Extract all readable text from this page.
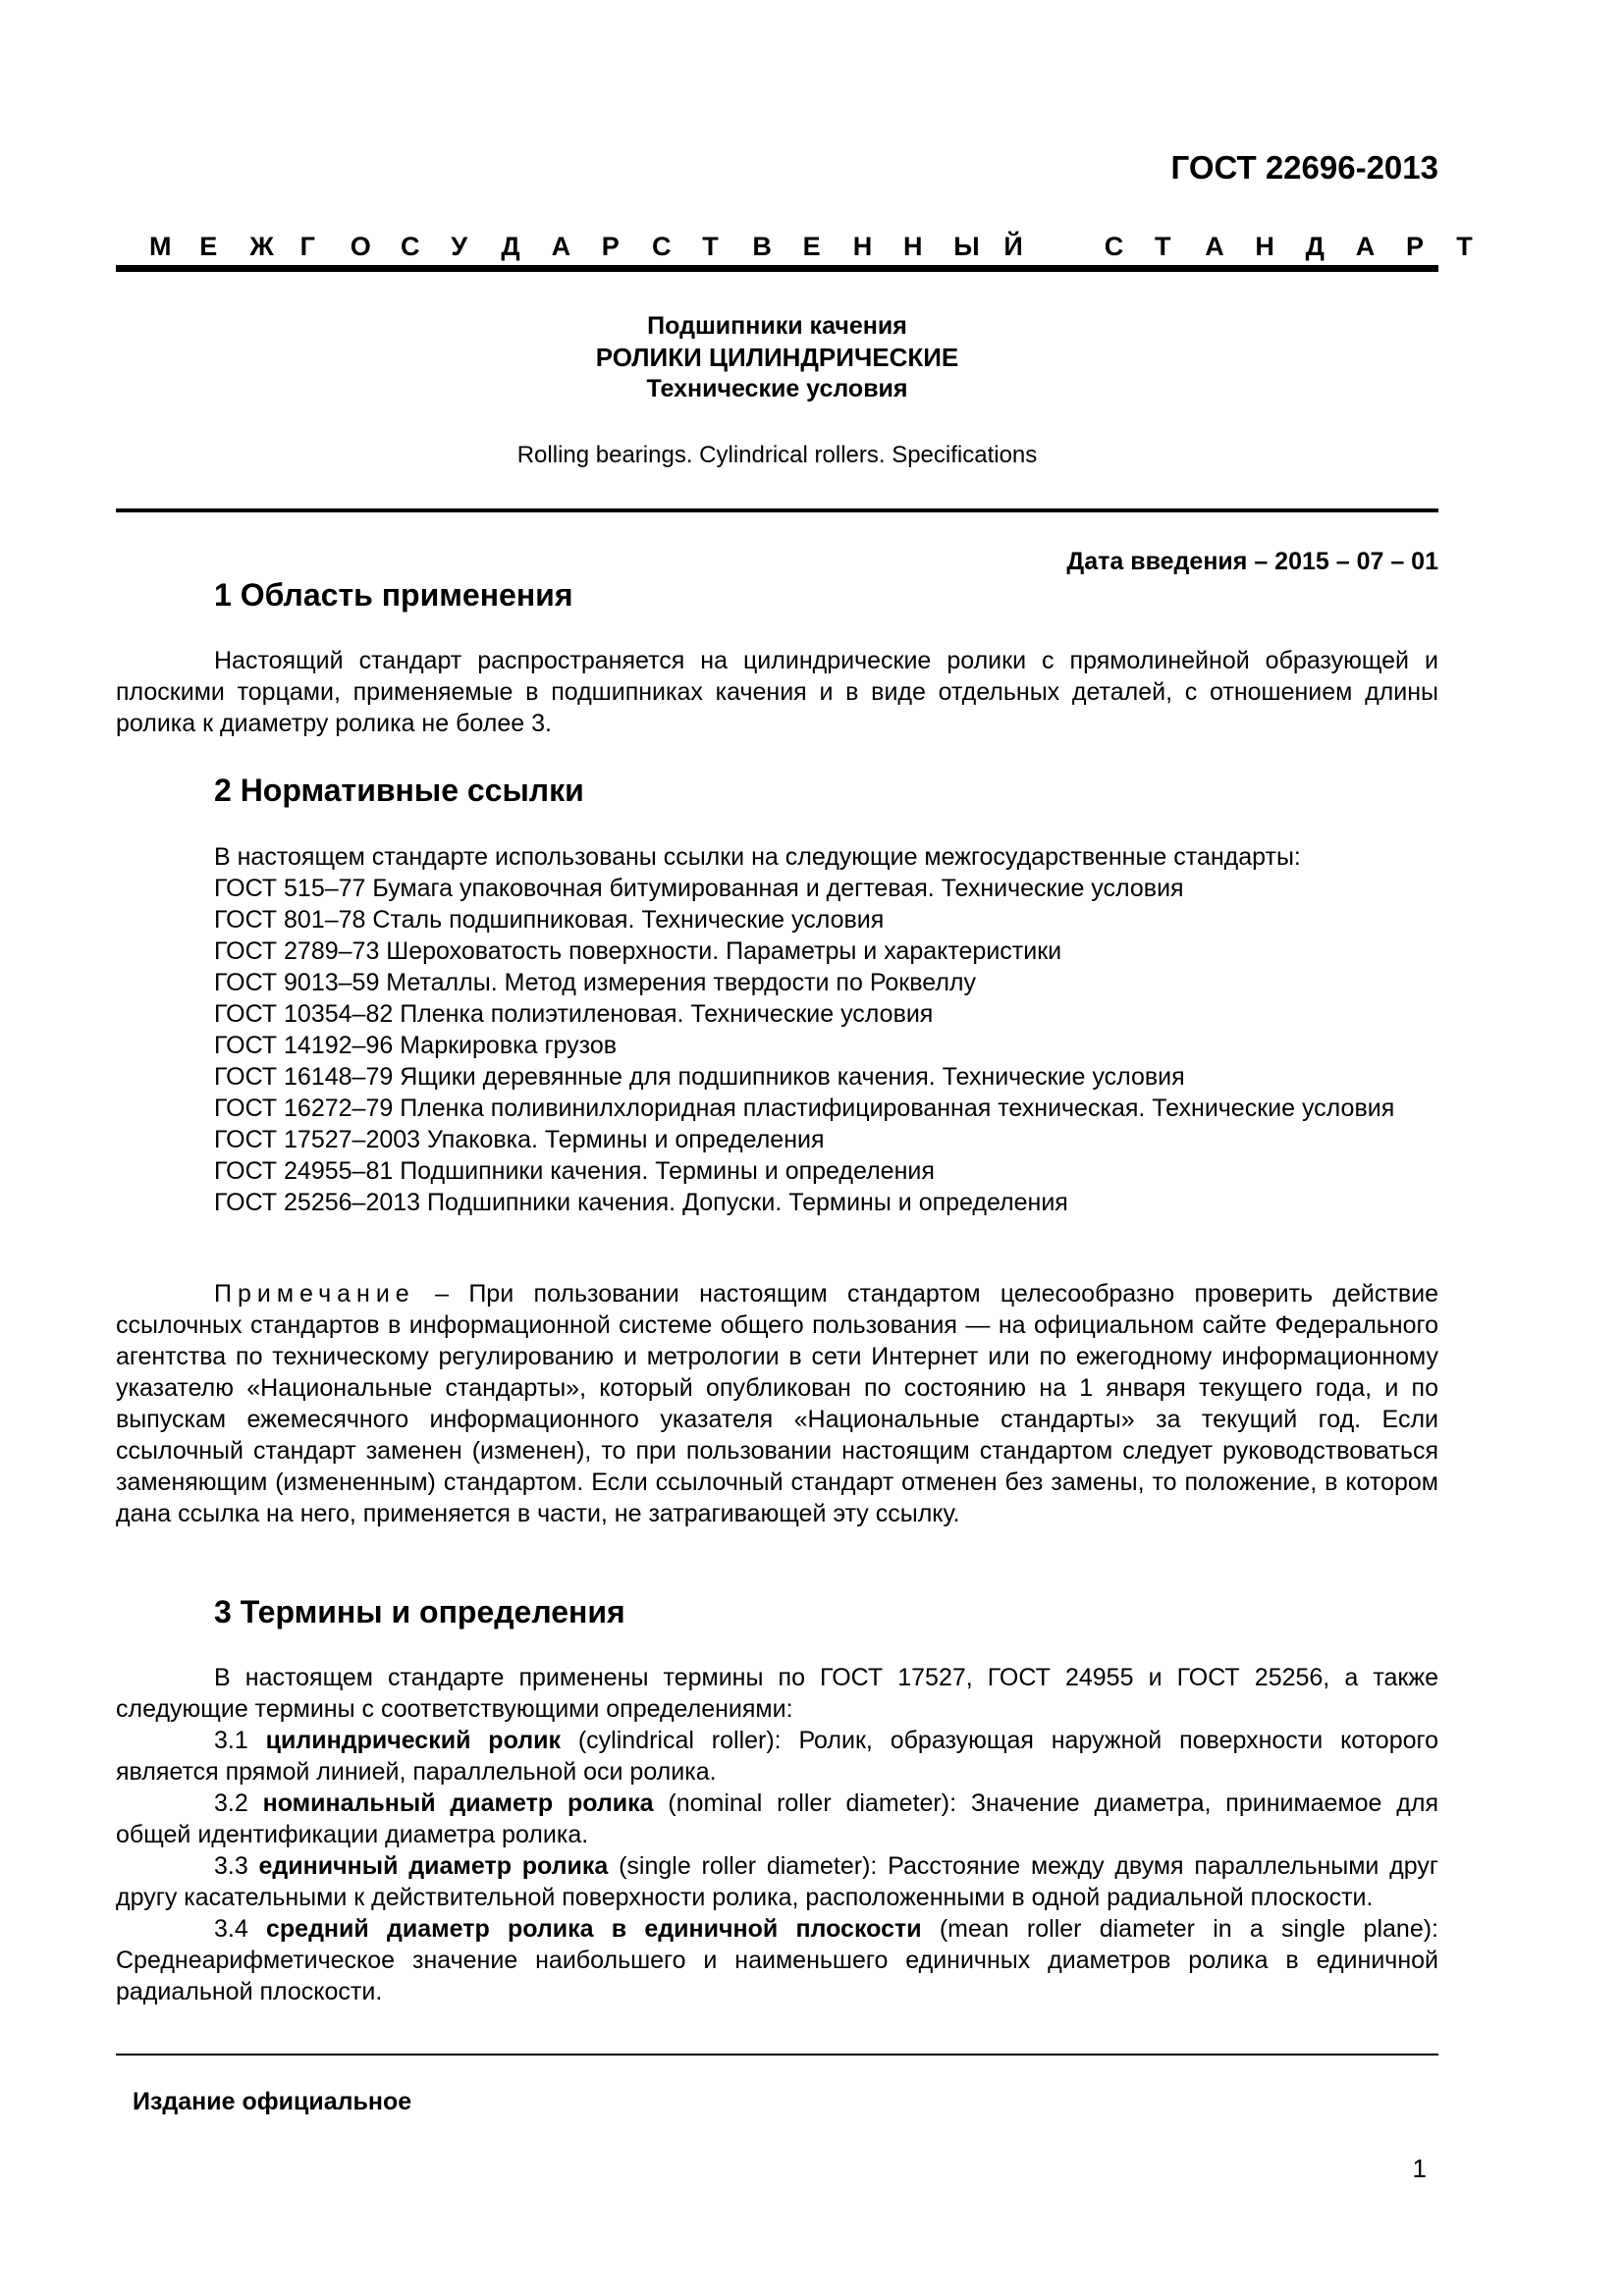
ГОСТ 22696-2013
М Е Ж Г О С У Д А Р С Т В Е Н Н Ы Й	С Т А Н Д А Р Т
Подшипники качения
РОЛИКИ ЦИЛИНДРИЧЕСКИЕ
Технические условия
Rolling bearings. Cylindrical rollers. Specifications
Дата введения – 2015 – 07 – 01
1 Область применения

Настоящий стандарт распространяется на цилиндрические ролики с прямолинейной образующей и плоскими торцами, применяемые в подшипниках качения и в виде отдельных деталей, с отношением длины ролика к диаметру ролика не более 3.

2 Нормативные ссылки

В настоящем стандарте использованы ссылки на следующие межгосударственные стандарты:

ГОСТ 515–77 Бумага упаковочная битумированная и дегтевая. Технические условия
ГОСТ 801–78 Сталь подшипниковая. Технические условия
ГОСТ 2789–73 Шероховатость поверхности. Параметры и характеристики
ГОСТ 9013–59 Металлы. Метод измерения твердости по Роквеллу
ГОСТ 10354–82 Пленка полиэтиленовая. Технические условия
ГОСТ 14192–96 Маркировка грузов
ГОСТ 16148–79 Ящики деревянные для подшипников качения. Технические условия
ГОСТ 16272–79 Пленка поливинилхлоридная пластифицированная техническая. Технические условия
ГОСТ 17527–2003 Упаковка. Термины и определения
ГОСТ 24955–81 Подшипники качения. Термины и определения
ГОСТ 25256–2013 Подшипники качения. Допуски. Термины и определения

Примечание – При пользовании настоящим стандартом целесообразно проверить действие ссылочных стандартов в информационной системе общего пользования — на официальном сайте Федерального агентства по техническому регулированию и метрологии в сети Интернет или по ежегодному информационному указателю «Национальные стандарты», который опубликован по состоянию на 1 января текущего года, и по выпускам ежемесячного информационного указателя «Национальные стандарты» за текущий год. Если ссылочный стандарт заменен (изменен), то при пользовании настоящим стандартом следует руководствоваться заменяющим (измененным) стандартом. Если ссылочный стандарт отменен без замены, то положение, в котором дана ссылка на него, применяется в части, не затрагивающей эту ссылку.

3 Термины и определения

В настоящем стандарте применены термины по ГОСТ 17527, ГОСТ 24955 и ГОСТ 25256, а также следующие термины с соответствующими определениями:

3.1 цилиндрический ролик (cylindrical roller): Ролик, образующая наружной поверхности которого является прямой линией, параллельной оси ролика.

3.2 номинальный диаметр ролика (nominal roller diameter): Значение диаметра, принимаемое для общей идентификации диаметра ролика.

3.3 единичный диаметр ролика (single roller diameter): Расстояние между двумя параллельными друг другу касательными к действительной поверхности ролика, расположенными в одной радиальной плоскости.

3.4 средний диаметр ролика в единичной плоскости (mean roller diameter in a single plane): Среднеарифметическое значение наибольшего и наименьшего единичных диаметров ролика в единичной радиальной плоскости.

Издание официальное
1
